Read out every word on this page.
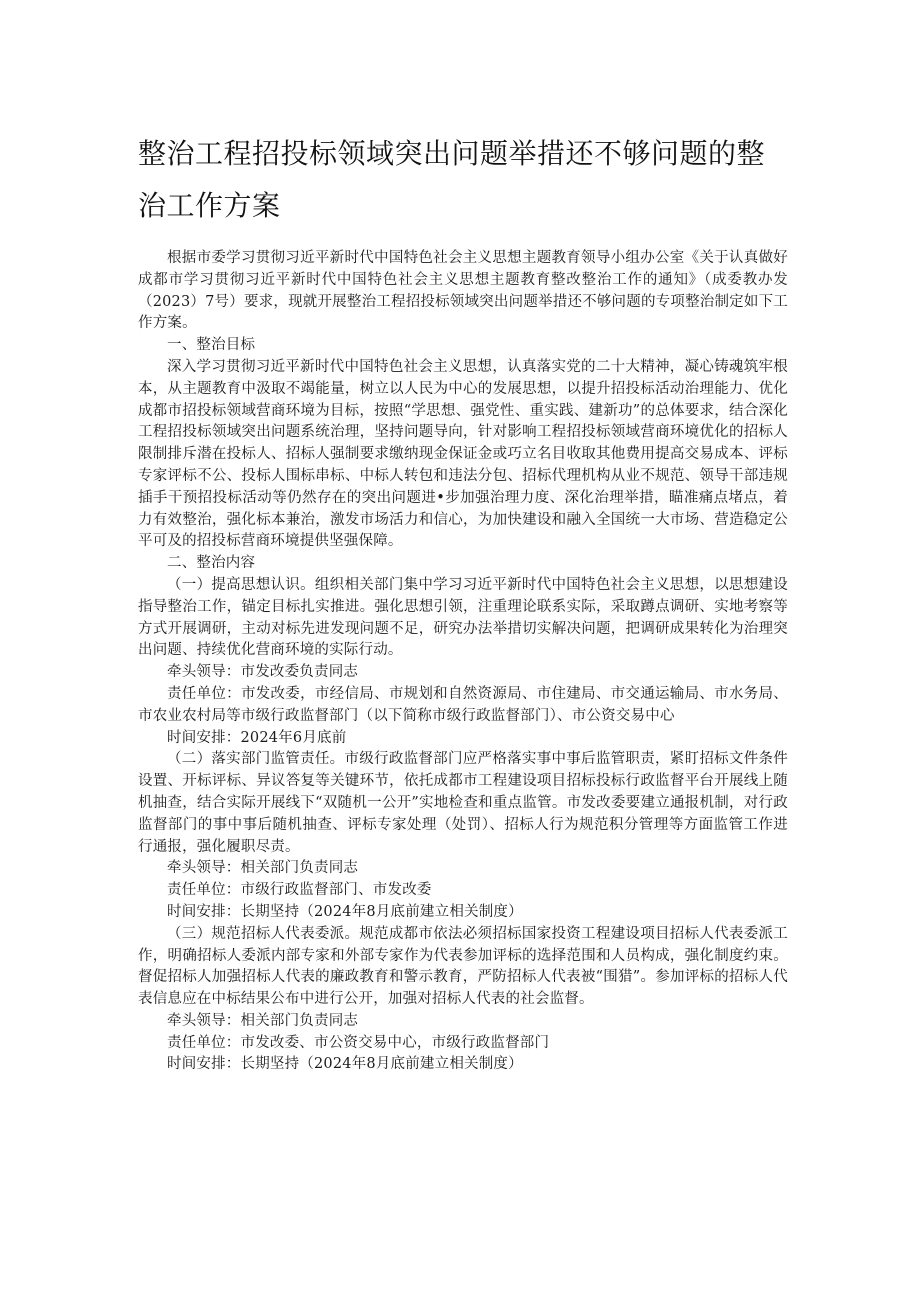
整治工程招投标领域突出问题举措还不够问题的整治工作方案

根据市委学习贯彻习近平新时代中国特色社会主义思想主题教育领导小组办公室《关于认真做好成都市学习贯彻习近平新时代中国特色社会主义思想主题教育整改整治工作的通知》（成委教办发（2023）7号）要求，现就开展整治工程招投标领域突出问题举措还不够问题的专项整治制定如下工作方案。

一、整治目标

深入学习贯彻习近平新时代中国特色社会主义思想，认真落实党的二十大精神，凝心铸魂筑牢根本，从主题教育中汲取不竭能量，树立以人民为中心的发展思想，以提升招投标活动治理能力、优化成都市招投标领域营商环境为目标，按照“学思想、强党性、重实践、建新功”的总体要求，结合深化工程招投标领域突出问题系统治理，坚持问题导向，针对影响工程招投标领域营商环境优化的招标人限制排斥潜在投标人、招标人强制要求缴纳现金保证金或巧立名目收取其他费用提高交易成本、评标专家评标不公、投标人围标串标、中标人转包和违法分包、招标代理机构从业不规范、领导干部违规插手干预招投标活动等仍然存在的突出问题进•步加强治理力度、深化治理举措，瞄准痛点堵点，着力有效整治，强化标本兼治，激发市场活力和信心，为加快建设和融入全国统一大市场、营造稳定公平可及的招投标营商环境提供坚强保障。

二、整治内容

（一）提高思想认识。组织相关部门集中学习习近平新时代中国特色社会主义思想，以思想建设指导整治工作，锚定目标扎实推进。强化思想引领，注重理论联系实际，采取蹲点调研、实地考察等方式开展调研，主动对标先进发现问题不足，研究办法举措切实解决问题，把调研成果转化为治理突出问题、持续优化营商环境的实际行动。

牵头领导：市发改委负责同志

责任单位：市发改委，市经信局、市规划和自然资源局、市住建局、市交通运输局、市水务局、市农业农村局等市级行政监督部门（以下简称市级行政监督部门）、市公资交易中心

时间安排：2024年6月底前

（二）落实部门监管责任。市级行政监督部门应严格落实事中事后监管职责，紧盯招标文件条件设置、开标评标、异议答复等关键环节，依托成都市工程建设项目招标投标行政监督平台开展线上随机抽查，结合实际开展线下“双随机一公开”实地检查和重点监管。市发改委要建立通报机制，对行政监督部门的事中事后随机抽查、评标专家处理（处罚）、招标人行为规范积分管理等方面监管工作进行通报，强化履职尽责。

牵头领导：相关部门负责同志

责任单位：市级行政监督部门、市发改委

时间安排：长期坚持（2024年8月底前建立相关制度）

（三）规范招标人代表委派。规范成都市依法必须招标国家投资工程建设项目招标人代表委派工作，明确招标人委派内部专家和外部专家作为代表参加评标的选择范围和人员构成，强化制度约束。督促招标人加强招标人代表的廉政教育和警示教育，严防招标人代表被“围猎”。参加评标的招标人代表信息应在中标结果公布中进行公开，加强对招标人代表的社会监督。

牵头领导：相关部门负责同志

责任单位：市发改委、市公资交易中心，市级行政监督部门

时间安排：长期坚持（2024年8月底前建立相关制度）
